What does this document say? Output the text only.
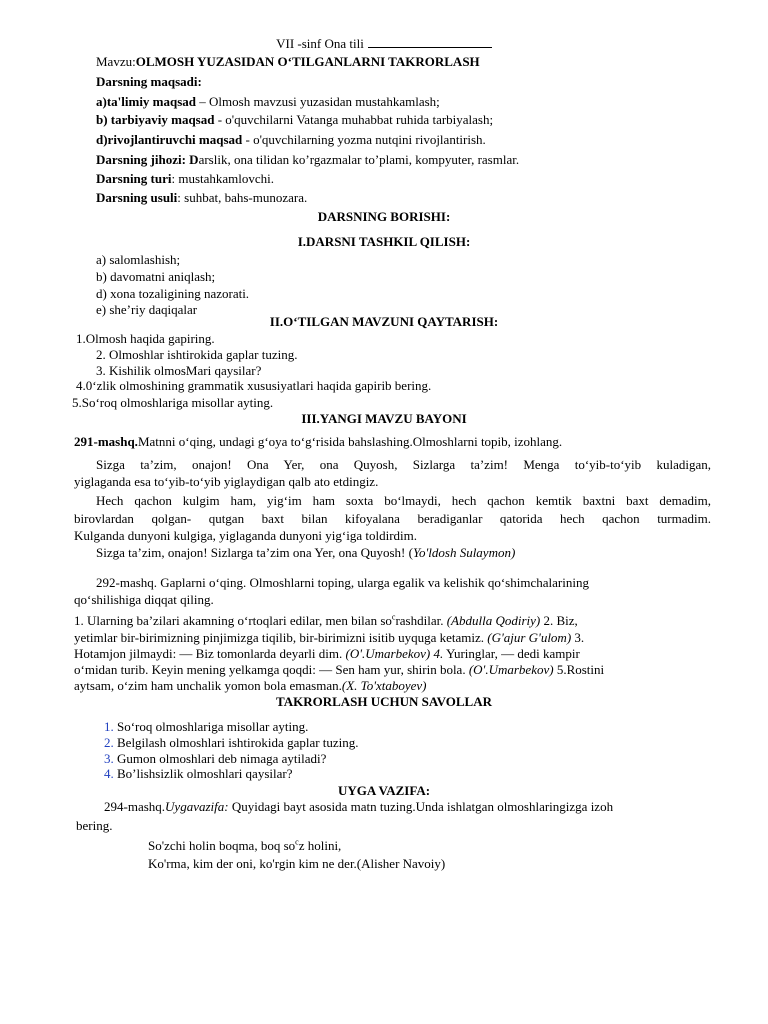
VII -sinf Ona tili
Mavzu:OLMOSH YUZASIDAN O‘TILGANLARNI TAKRORLASH
Darsning maqsadi:
a)ta'limiy maqsad – Olmosh mavzusi yuzasidan mustahkamlash;
b) tarbiyaviy maqsad - o'quvchilarni Vatanga muhabbat ruhida tarbiyalash;
d)rivojlantiruvchi maqsad - o'quvchilarning yozma nutqini rivojlantirish.
Darsning jihozi: Darslik, ona tilidan ko’rgazmalar to’plami, kompyuter, rasmlar.
Darsning turi: mustahkamlovchi.
Darsning usuli: suhbat, bahs-munozara.
DARSNING BORISHI:
I.DARSNI TASHKIL QILISH:
a) salomlashish;
b) davomatni aniqlash;
d) xona tozaligining nazorati.
e) she’riy daqiqalar
II.O‘TILGAN MAVZUNI QAYTARISH:
1.Olmosh haqida gapiring.
2. Olmoshlar ishtirokida gaplar tuzing.
3. Kishilik olmosMari qaysilar?
4.0‘zlik olmoshining grammatik xususiyatlari haqida gapirib bering.
5.So‘roq olmoshlariga misollar ayting.
III.YANGI MAVZU BAYONI
291-mashq.Matnni o‘qing, undagi g‘oya to‘g‘risida bahslashing.Olmoshlarni topib, izohlang.
Sizga ta’zim, onajon! Ona Yer, ona Quyosh, Sizlarga ta’zim! Menga to‘yib-to‘yib kuladigan,
yiglaganda esa to‘yib-to‘yib yiglaydigan qalb ato etdingiz.
Hech qachon kulgim ham, yig‘im ham soxta bo‘lmaydi, hech qachon kemtik baxtni baxt demadim,
birovlardan qolgan- qutgan baxt bilan kifoyalana beradiganlar qatorida hech qachon turmadim.
Kulganda dunyoni kulgiga, yiglaganda dunyoni yig‘iga toldirdim.
Sizga ta’zim, onajon! Sizlarga ta’zim ona Yer, ona Quyosh! (Yo'ldosh Sulaymon)
292-mashq. Gaplarni o‘qing. Olmoshlarni toping, ularga egalik va kelishik qo‘shimchalarining
qo‘shilishiga diqqat qiling.
1. Ularning ba’zilari akamning o‘rtoqlari edilar, men bilan $so^crashdilar$. (Abdulla Qodiriy) 2. Biz,
yetimlar bir-birimizning pinjimizga tiqilib, bir-birimizni isitib uyquga ketamiz. (G'ajur G'ulom) 3.
Hotamjon jilmaydi: — Biz tomonlarda deyarli dim. (O'.Umarbekov) 4. Yuringlar, — dedi kampir
o‘midan turib. Keyin mening yelkamga qoqdi: — Sen ham yur, shirin bola. (O'.Umarbekov) 5.Rostini
aytsam, o‘zim ham unchalik yomon bola emasman.(X. To'xtaboyev)
TAKRORLASH UCHUN SAVOLLAR
1. So‘roq olmoshlariga misollar ayting.
2. Belgilash olmoshlari ishtirokida gaplar tuzing.
3. Gumon olmoshlari deb nimaga aytiladi?
4. Bo’lishsizlik olmoshlari qaysilar?
UYGA VAZIFA:
294-mashq.Uygavazifa: Quyidagi bayt asosida matn tuzing.Unda ishlatgan olmoshlaringizga izoh
bering.
So'zchi holin boqma, boq $so^cz$ holini,
Ko'rma, kim der oni, ko'rgin kim ne der.(Alisher Navoiy)
